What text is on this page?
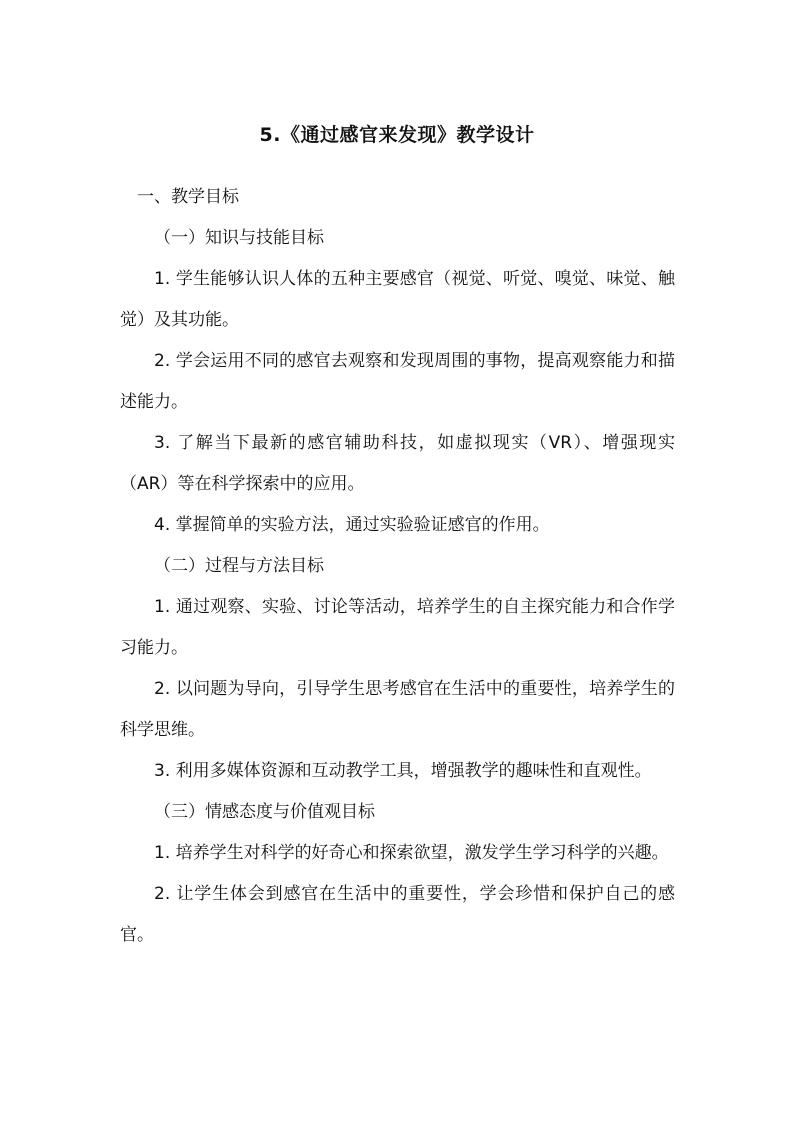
5.《通过感官来发现》教学设计

一、教学目标

（一）知识与技能目标

1. 学生能够认识人体的五种主要感官（视觉、听觉、嗅觉、味觉、触觉）及其功能。

2. 学会运用不同的感官去观察和发现周围的事物，提高观察能力和描述能力。

3. 了解当下最新的感官辅助科技，如虚拟现实（VR）、增强现实（AR）等在科学探索中的应用。

4. 掌握简单的实验方法，通过实验验证感官的作用。

（二）过程与方法目标

1. 通过观察、实验、讨论等活动，培养学生的自主探究能力和合作学习能力。

2. 以问题为导向，引导学生思考感官在生活中的重要性，培养学生的科学思维。

3. 利用多媒体资源和互动教学工具，增强教学的趣味性和直观性。

（三）情感态度与价值观目标

1. 培养学生对科学的好奇心和探索欲望，激发学生学习科学的兴趣。

2. 让学生体会到感官在生活中的重要性，学会珍惜和保护自己的感官。
